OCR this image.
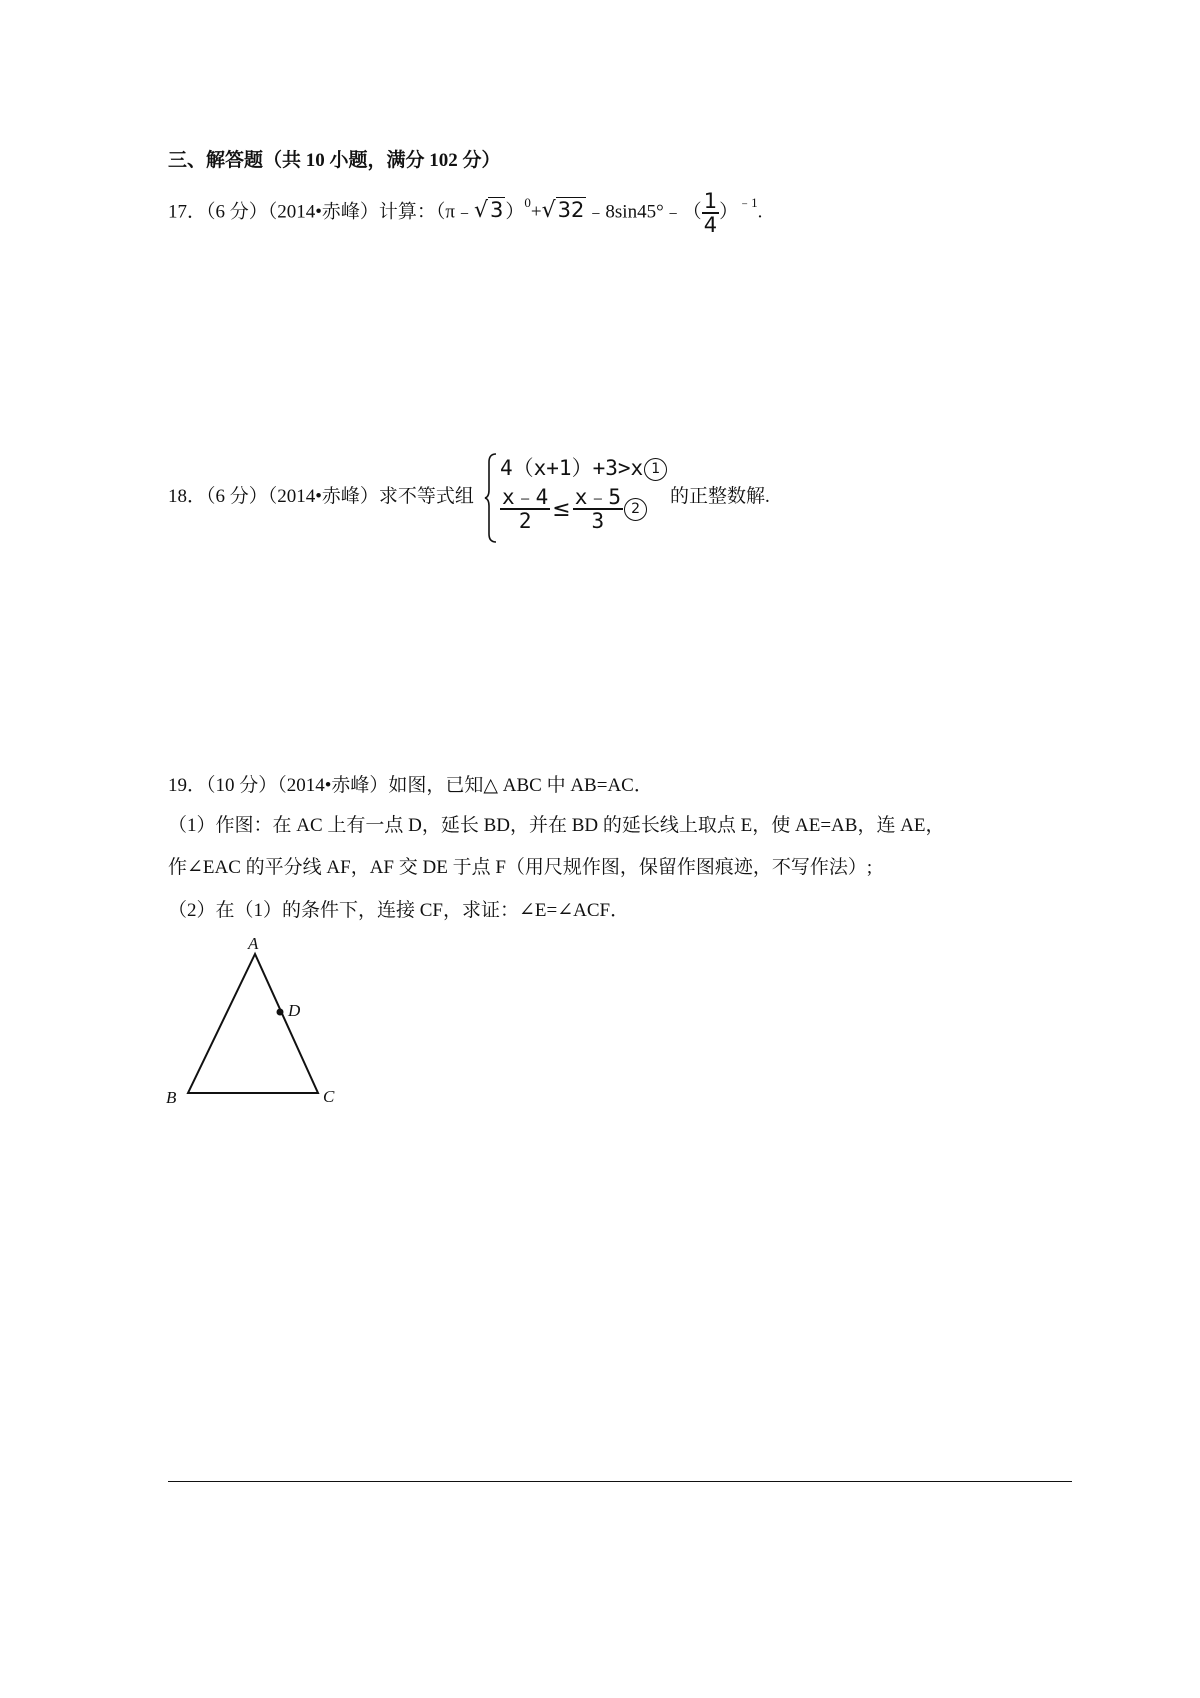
三、解答题（共 10 小题，满分 102 分）
17．（6 分）（2014•赤峰）计算：（π﹣√3 ）$^0$+√32 ﹣8sin45°﹣（ $\frac{1}{4} )^{﹣1}$.
18．（6 分）（2014•赤峰）求不等式组
4（x+1）+3>x 1
$\frac{x﹣4}{2} \le \frac{x﹣5}{3} 2$
的正整数解.
19．（10 分）（2014•赤峰）如图，已知△ ABC 中 AB=AC．
（1）作图：在 AC 上有一点 D，延长 BD，并在 BD 的延长线上取点 E，使 AE=AB，连 AE，
作∠EAC 的平分线 AF，AF 交 DE 于点 F（用尺规作图，保留作图痕迹，不写作法）;
（2）在（1）的条件下，连接 CF，求证：∠E=∠ACF．
A
D
B	C
